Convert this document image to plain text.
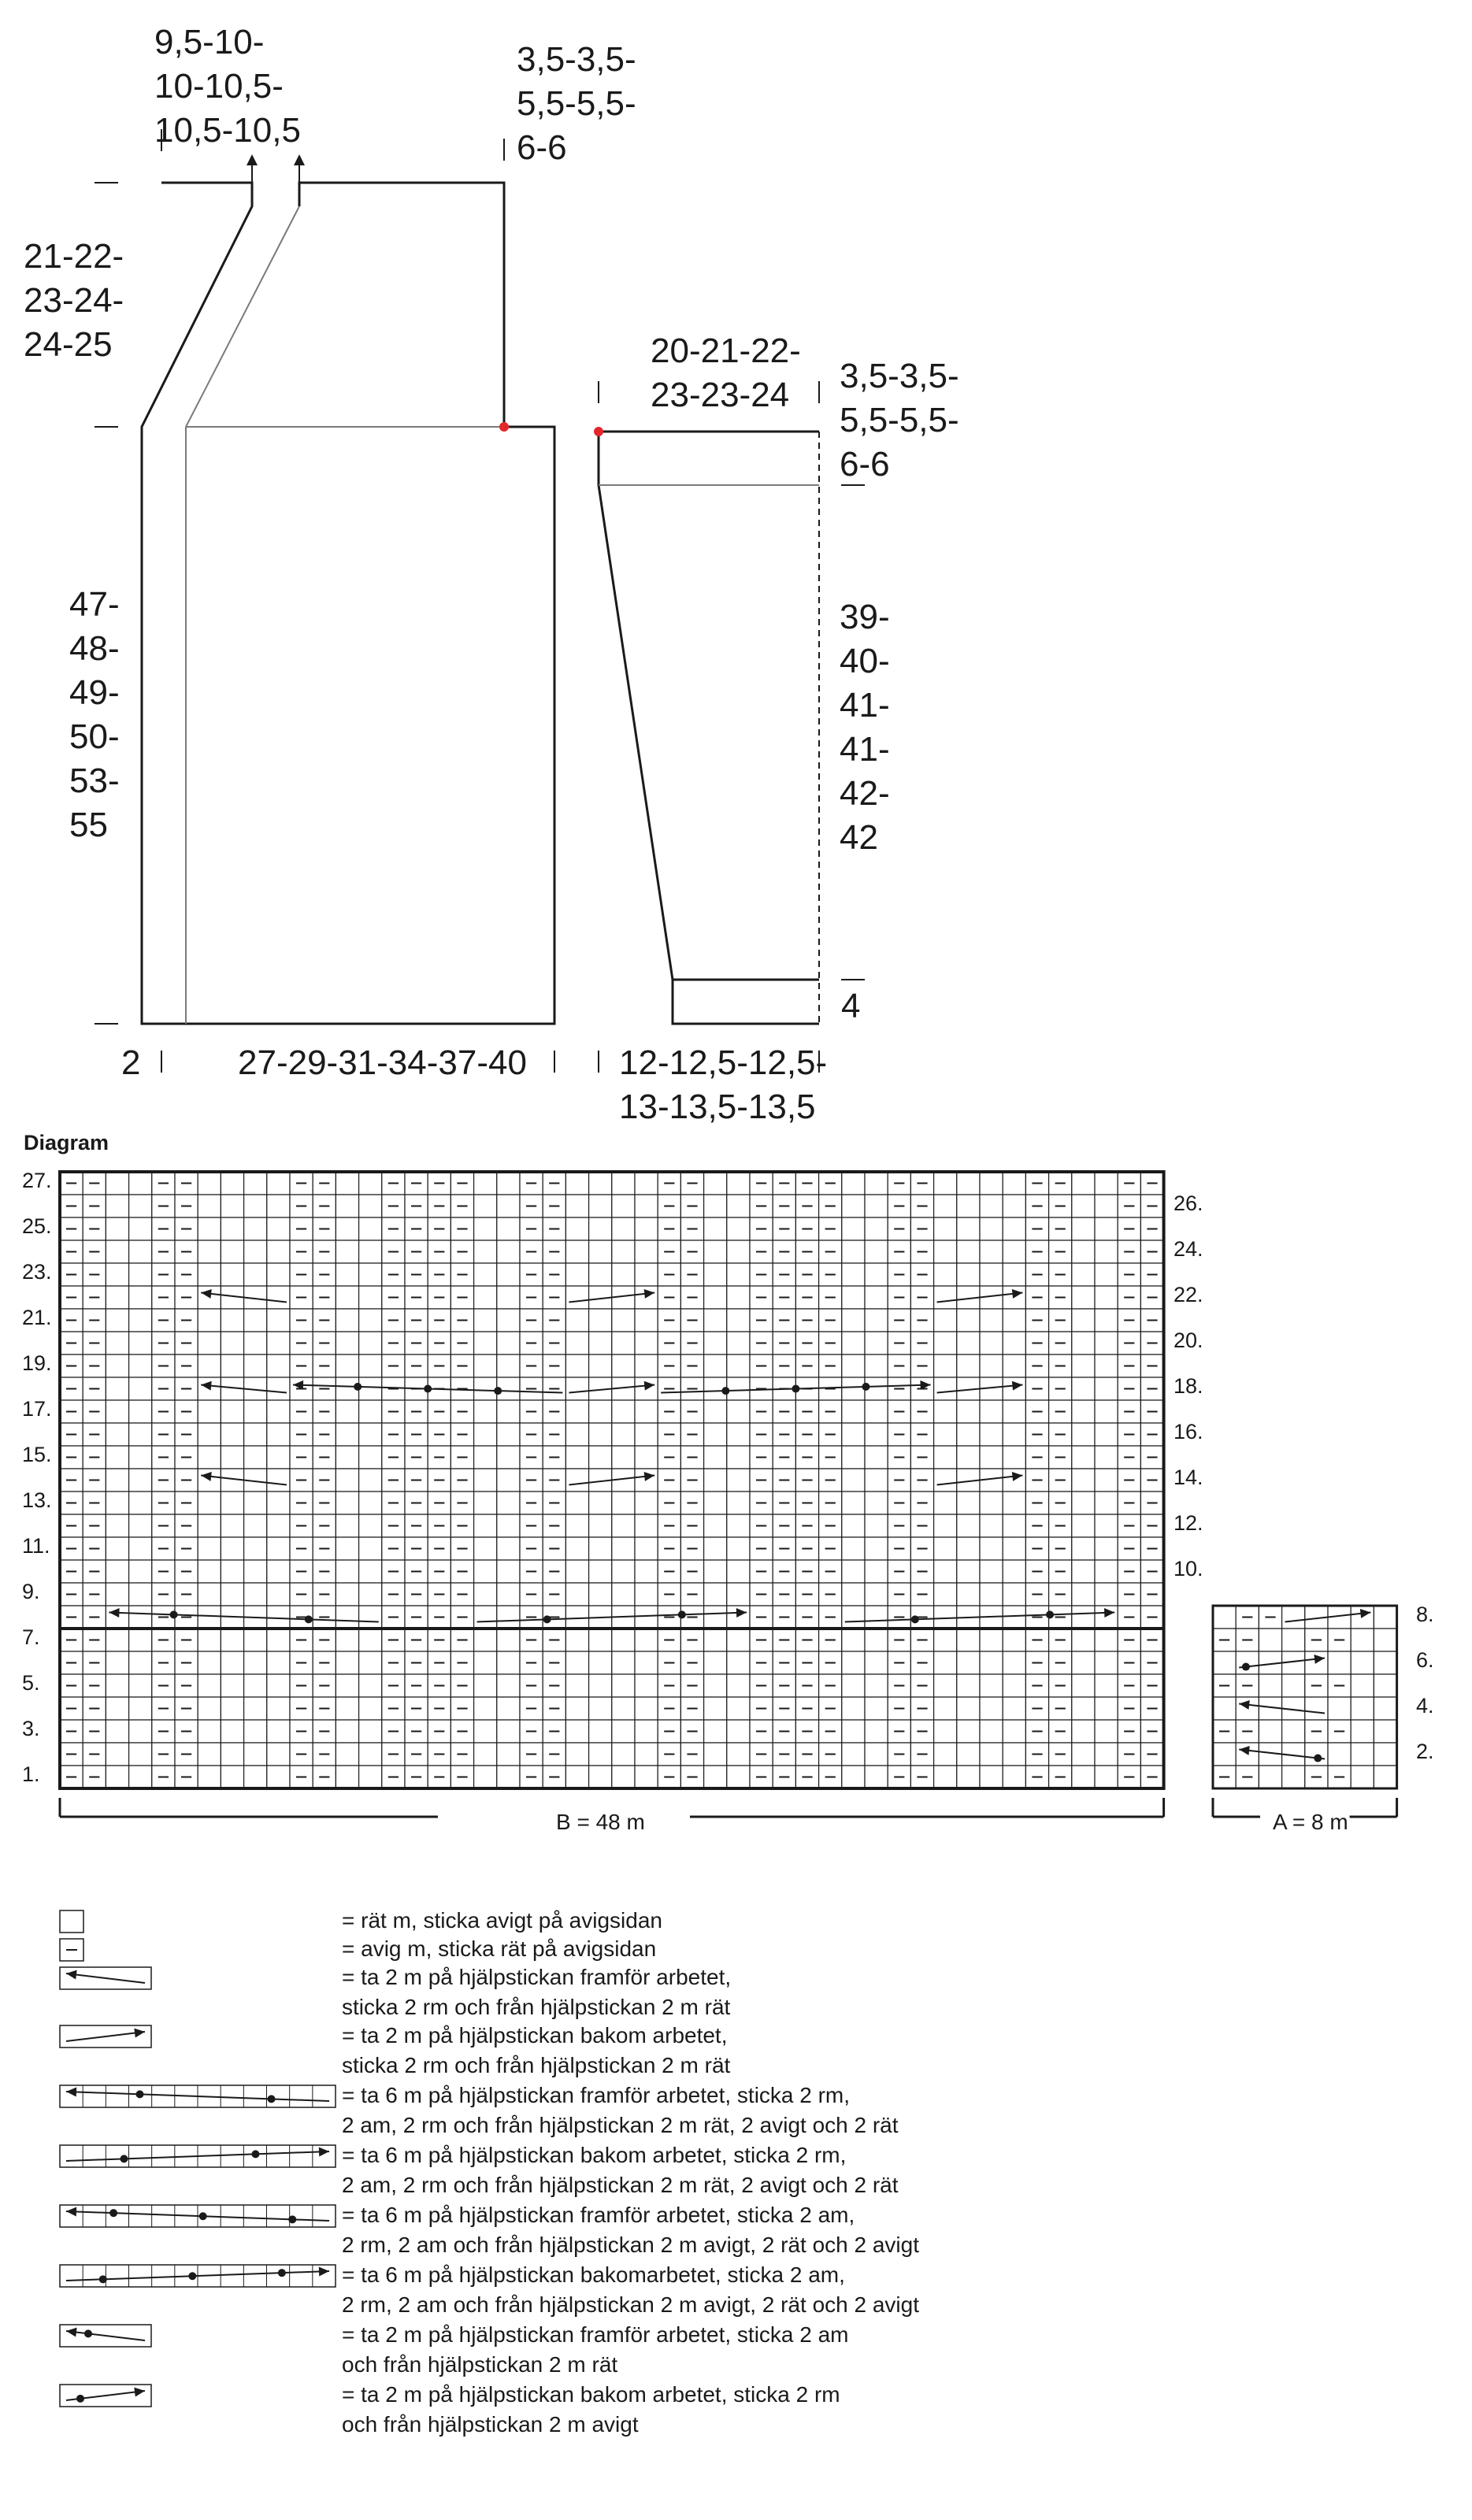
9,5-10-
10-10,5-
10,5-10,5
3,5-3,5-
5,5-5,5-
6-6
21-22-
23-24-
24-25
47-
48-
49-
50-
53-
55
2	27-29-31-34-37-40
20-21-22-
23-23-24	3,5-3,5-
5,5-5,5-
6-6
39-
40-
41-
41-
42-
42
4
12-12,5-12,5-
13-13,5-13,5
Diagram
27.
25.
23.
21.
19.
17.
15.
13.
11.
9.
7.
5.
3.
1.
26.
24.
22.
20.
18.
16.
14.
12.
10.
8.
6.
4.
2.
B = 48 m	A = 8 m
= rät m, sticka avigt på avigsidan
= avig m, sticka rät på avigsidan
= ta 2 m på hjälpstickan framför arbetet,
sticka 2 rm och från hjälpstickan 2 m rät
= ta 2 m på hjälpstickan bakom arbetet,
sticka 2 rm och från hjälpstickan 2 m rät
= ta 6 m på hjälpstickan framför arbetet, sticka 2 rm,
2 am, 2 rm och från hjälpstickan 2 m rät, 2 avigt och 2 rät
= ta 6 m på hjälpstickan bakom arbetet, sticka 2 rm,
2 am, 2 rm och från hjälpstickan 2 m rät, 2 avigt och 2 rät
= ta 6 m på hjälpstickan framför arbetet, sticka 2 am,
2 rm, 2 am och från hjälpstickan 2 m avigt, 2 rät och 2 avigt
= ta 6 m på hjälpstickan bakomarbetet, sticka 2 am,
2 rm, 2 am och från hjälpstickan 2 m avigt, 2 rät och 2 avigt
= ta 2 m på hjälpstickan framför arbetet, sticka 2 am
och från hjälpstickan 2 m rät
= ta 2 m på hjälpstickan bakom arbetet, sticka 2 rm
och från hjälpstickan 2 m avigt
